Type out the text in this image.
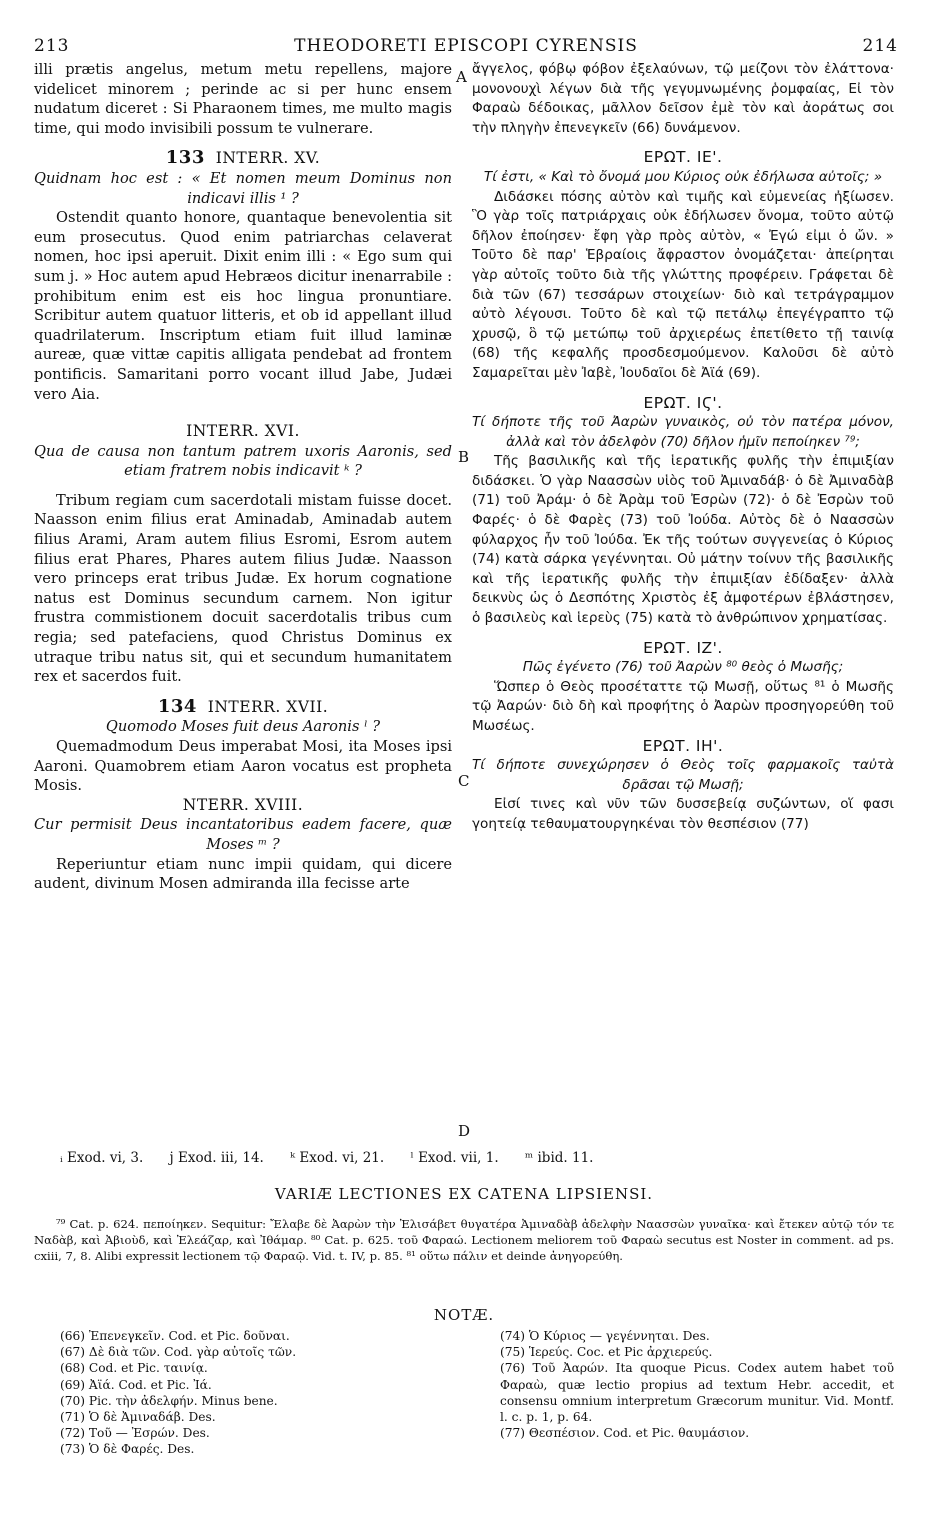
213	THEODORETI EPISCOPI CYRENSIS	214

illi prætis angelus, metum metu repellens, majore videlicet minorem ; perinde ac si per hunc ensem nudatum diceret : Si Pharaonem times, me multo magis time, qui modo invisibili possum te vulnerare.

133 INTERR. XV.

Quidnam hoc est : « Et nomen meum Dominus non indicavi illis ¹ ?

Ostendit quanto honore, quantaque benevolentia sit eum prosecutus. Quod enim patriarchas celaverat nomen, hoc ipsi aperuit. Dixit enim illi : « Ego sum qui sum j. » Hoc autem apud Hebræos dicitur inenarrabile : prohibitum enim est eis hoc lingua pronuntiare. Scribitur autem quatuor litteris, et ob id appellant illud quadrilaterum. Inscriptum etiam fuit illud laminæ aureæ, quæ vittæ capitis alligata pendebat ad frontem pontificis. Samaritani porro vocant illud Jabe, Judæi vero Aia.

INTERR. XVI.

Qua de causa non tantum patrem uxoris Aaronis, sed etiam fratrem nobis indicavit ᵏ ?

Tribum regiam cum sacerdotali mistam fuisse docet. Naasson enim filius erat Aminadab, Aminadab autem filius Arami, Aram autem filius Esromi, Esrom autem filius erat Phares, Phares autem filius Judæ. Naasson vero princeps erat tribus Judæ. Ex horum cognatione natus est Dominus secundum carnem. Non igitur frustra commistionem docuit sacerdotalis tribus cum regia; sed patefaciens, quod Christus Dominus ex utraque tribu natus sit, qui et secundum humanitatem rex et sacerdos fuit.

134 INTERR. XVII.

Quomodo Moses fuit deus Aaronis ˡ ?

Quemadmodum Deus imperabat Mosi, ita Moses ipsi Aaroni. Quamobrem etiam Aaron vocatus est propheta Mosis.

NTERR. XVIII.

Cur permisit Deus incantatoribus eadem facere, quæ Moses ᵐ ?

Reperiuntur etiam nunc impii quidam, qui dicere audent, divinum Mosen admiranda illa fecisse arte

ἄγγελος, φόβῳ φόβον ἐξελαύνων, τῷ μείζονι τὸν ἐλάττονα· μονονουχὶ λέγων διὰ τῆς γεγυμνωμένης ῥομφαίας, Εἰ τὸν Φαραὼ δέδοικας, μᾶλλον δεῖσον ἐμὲ τὸν καὶ ἀοράτως σοι τὴν πληγὴν ἐπενεγκεῖν (66) δυνάμενον.

ΕΡΩΤ. ΙΕ'.

Τί ἐστι, « Καὶ τὸ ὄνομά μου Κύριος οὐκ ἐδήλωσα αὐτοῖς; »

Διδάσκει πόσης αὐτὸν καὶ τιμῆς καὶ εὐμενείας ἠξίωσεν. Ὃ γὰρ τοῖς πατριάρχαις οὐκ ἐδήλωσεν ὄνομα, τοῦτο αὐτῷ δῆλον ἐποίησεν· ἔφη γὰρ πρὸς αὐτὸν, « Ἐγώ εἰμι ὁ ὤν. » Τοῦτο δὲ παρ' Ἑβραίοις ἄφραστον ὀνομάζεται· ἀπείρηται γὰρ αὐτοῖς τοῦτο διὰ τῆς γλώττης προφέρειν. Γράφεται δὲ διὰ τῶν (67) τεσσάρων στοιχείων· διὸ καὶ τετράγραμμον αὐτὸ λέγουσι. Τοῦτο δὲ καὶ τῷ πετάλῳ ἐπεγέγραπτο τῷ χρυσῷ, ὃ τῷ μετώπῳ τοῦ ἀρχιερέως ἐπετίθετο τῇ ταινίᾳ (68) τῆς κεφαλῆς προσδεσμούμενον. Καλοῦσι δὲ αὐτὸ Σαμαρεῖται μὲν Ἰαβὲ, Ἰουδαῖοι δὲ Ἀϊά (69).

ΕΡΩΤ. ΙϚ'.

Τί δήποτε τῆς τοῦ Ἀαρὼν γυναικὸς, οὐ τὸν πατέρα μόνον, ἀλλὰ καὶ τὸν ἀδελφὸν (70) δῆλον ἡμῖν πεποίηκεν ⁷⁹;

Τῆς βασιλικῆς καὶ τῆς ἱερατικῆς φυλῆς τὴν ἐπιμιξίαν διδάσκει. Ὁ γὰρ Ναασσὼν υἱὸς τοῦ Ἀμιναδάβ· ὁ δὲ Ἀμιναδὰβ (71) τοῦ Ἀράμ· ὁ δὲ Ἀρὰμ τοῦ Ἐσρὼν (72)· ὁ δὲ Ἐσρὼν τοῦ Φαρές· ὁ δὲ Φαρὲς (73) τοῦ Ἰούδα. Αὐτὸς δὲ ὁ Ναασσὼν φύλαρχος ἦν τοῦ Ἰούδα. Ἐκ τῆς τούτων συγγενείας ὁ Κύριος (74) κατὰ σάρκα γεγέννηται. Οὐ μάτην τοίνυν τῆς βασιλικῆς καὶ τῆς ἱερατικῆς φυλῆς τὴν ἐπιμιξίαν ἐδίδαξεν· ἀλλὰ δεικνὺς ὡς ὁ Δεσπότης Χριστὸς ἐξ ἀμφοτέρων ἐβλάστησεν, ὁ βασιλεὺς καὶ ἱερεὺς (75) κατὰ τὸ ἀνθρώπινον χρηματίσας.

ΕΡΩΤ. ΙΖ'.

Πῶς ἐγένετο (76) τοῦ Ἀαρὼν ⁸⁰ θεὸς ὁ Μωσῆς;

Ὥσπερ ὁ Θεὸς προσέταττε τῷ Μωσῇ, οὕτως ⁸¹ ὁ Μωσῆς τῷ Ἀαρών· διὸ δὴ καὶ προφήτης ὁ Ἀαρὼν προσηγορεύθη τοῦ Μωσέως.

ΕΡΩΤ. ΙΗ'.

Τί δήποτε συνεχώρησεν ὁ Θεὸς τοῖς φαρμακοῖς ταὐτὰ δρᾶσαι τῷ Μωσῇ;

Εἰσί τινες καὶ νῦν τῶν δυσσεβείᾳ συζώντων, οἵ φασι γοητείᾳ τεθαυματουργηκέναι τὸν θεσπέσιον (77)

A
B
C
D
ᵢ Exod. vi, 3. j Exod. iii, 14. ᵏ Exod. vi, 21. ˡ Exod. vii, 1. ᵐ ibid. 11.
VARIÆ LECTIONES EX CATENA LIPSIENSI.
⁷⁹ Cat. p. 624. πεποίηκεν. Sequitur: Ἔλαβε δὲ Ἀαρὼν τὴν Ἐλισάβετ θυγατέρα Ἀμιναδὰβ ἀδελφὴν Ναασσὼν γυναῖκα· καὶ ἔτεκεν αὐτῷ τόν τε Ναδὰβ, καὶ Ἀβιοὺδ, καὶ Ἐλεάζαρ, καὶ Ἰθάμαρ. ⁸⁰ Cat. p. 625. τοῦ Φαραώ. Lectionem meliorem τοῦ Φαραὼ secutus est Noster in comment. ad ps. cxiii, 7, 8. Alibi expressit lectionem τῷ Φαραῷ. Vid. t. IV, p. 85. ⁸¹ οὕτω πάλιν et deinde ἀνηγορεύθη.
NOTÆ.

(66) Ἐπενεγκεῖν. Cod. et Pic. δοῦναι.

(67) Δὲ διὰ τῶν. Cod. γὰρ αὐτοῖς τῶν.

(68) Cod. et Pic. ταινίᾳ.

(69) Ἀϊά. Cod. et Pic. Ἰά.

(70) Pic. τὴν ἀδελφήν. Minus bene.

(71) Ὁ δὲ Ἀμιναδάβ. Des.

(72) Τοῦ — Ἐσρών. Des.

(73) Ὁ δὲ Φαρές. Des.

(74) Ὁ Κύριος — γεγέννηται. Des.

(75) Ἱερεύς. Coc. et Pic ἀρχιερεύς.

(76) Τοῦ Ἀαρών. Ita quoque Picus. Codex autem habet τοῦ Φαραὼ, quæ lectio propius ad textum Hebr. accedit, et consensu omnium interpretum Græcorum munitur. Vid. Montf. l. c. p. 1, p. 64.

(77) Θεσπέσιον. Cod. et Pic. θαυμάσιον.
